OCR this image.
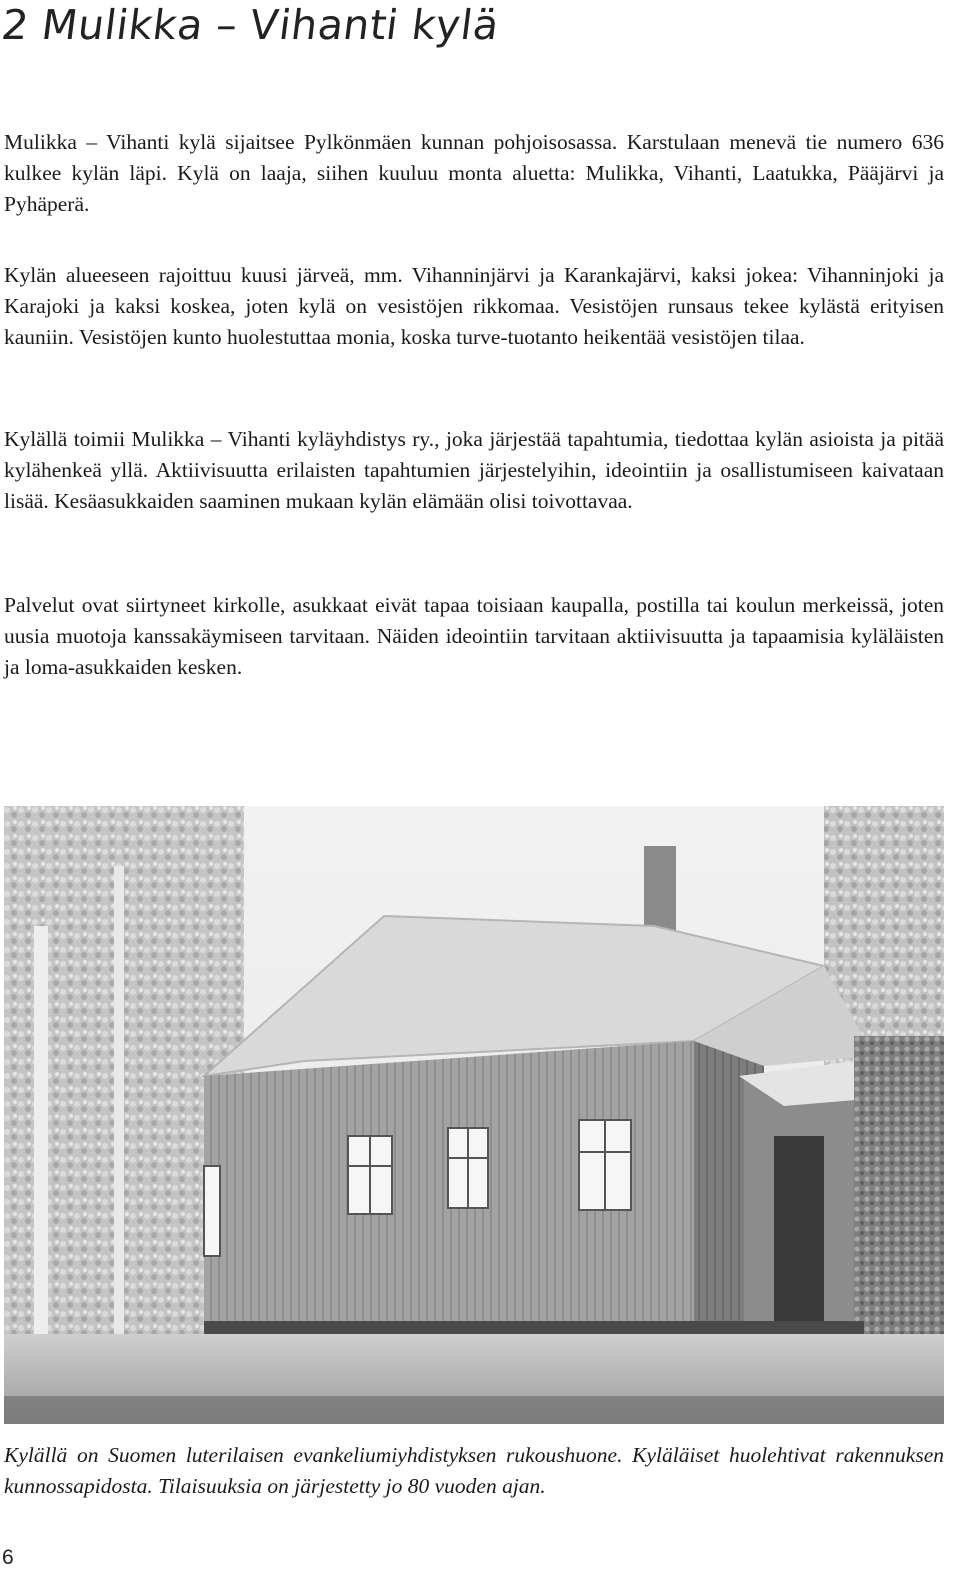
2 Mulikka – Vihanti kylä

Mulikka – Vihanti kylä sijaitsee Pylkönmäen kunnan pohjoisosassa. Karstulaan menevä tie numero 636 kulkee kylän läpi. Kylä on laaja, siihen kuuluu monta aluetta: Mulikka, Vihanti, Laatukka, Pääjärvi ja Pyhäperä.

Kylän alueeseen rajoittuu kuusi järveä, mm. Vihanninjärvi ja Karankajärvi, kaksi jokea: Vihanninjoki ja Karajoki ja kaksi koskea, joten kylä on vesistöjen rikkomaa. Vesistöjen runsaus tekee kylästä erityisen kauniin. Vesistöjen kunto huolestuttaa monia, koska turve-tuotanto heikentää vesistöjen tilaa.

Kylällä toimii Mulikka – Vihanti kyläyhdistys ry., joka järjestää tapahtumia, tiedottaa kylän asioista ja pitää kylähenkeä yllä. Aktiivisuutta erilaisten tapahtumien järjestelyihin, ideointiin ja osallistumiseen kaivataan lisää. Kesäasukkaiden saaminen mukaan kylän elämään olisi toivottavaa.

Palvelut ovat siirtyneet kirkolle, asukkaat eivät tapaa toisiaan kaupalla, postilla tai koulun merkeissä, joten uusia muotoja kanssakäymiseen tarvitaan. Näiden ideointiin tarvitaan aktiivisuutta ja tapaamisia kyläläisten ja loma-asukkaiden kesken.

Kylällä on Suomen luterilaisen evankeliumiyhdistyksen rukoushuone. Kyläläiset huolehtivat rakennuksen kunnossapidosta. Tilaisuuksia on järjestetty jo 80 vuoden ajan.

6
